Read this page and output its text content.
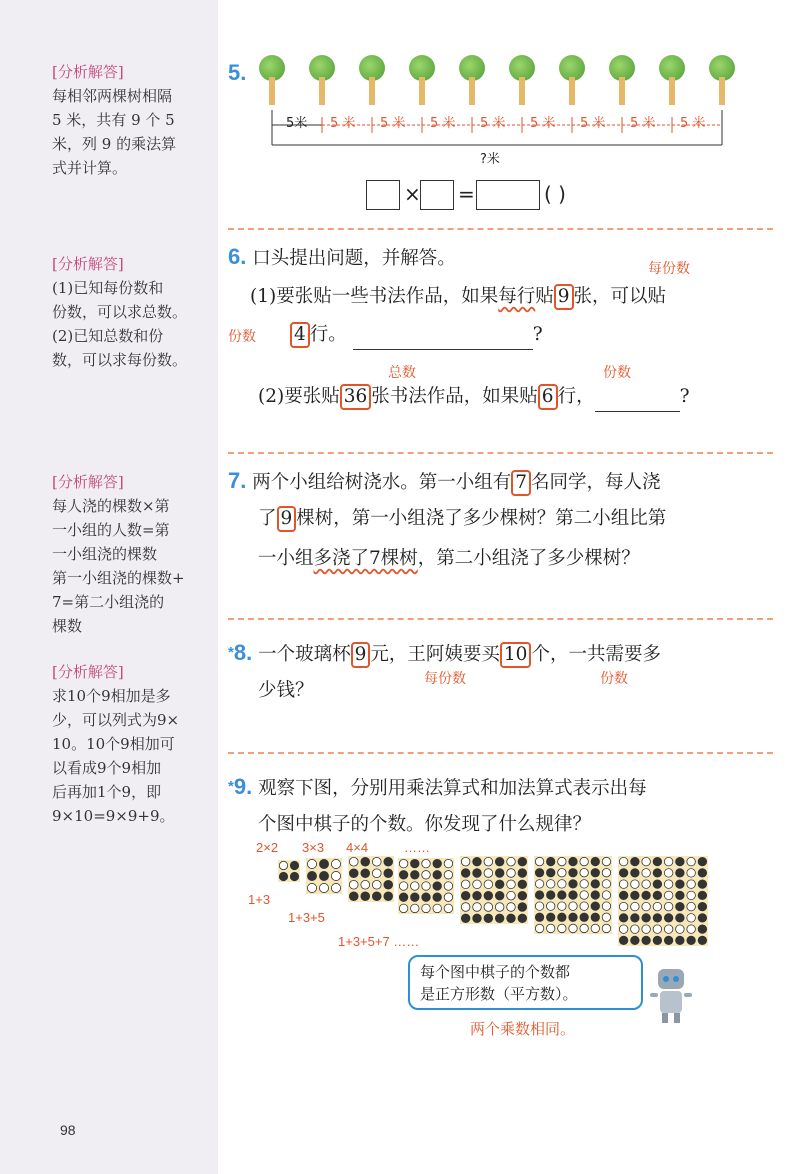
[分析解答]

每相邻两棵树相隔

5 米，共有 9 个 5

米，列 9 的乘法算

式并计算。

[分析解答]

(1)已知每份数和

份数，可以求总数。

(2)已知总数和份

数，可以求每份数。

[分析解答]

每人浇的棵数×第

一小组的人数=第

一小组浇的棵数

第一小组浇的棵数+

7=第二小组浇的

棵数

[分析解答]

求10个9相加是多

少，可以列式为9×

10。10个9相加可

以看成9个9相加

后再加1个9，即

9×10=9×9+9。

98
5.
5米 5 米 5 米 5 米 5 米 5 米 5 米 5 米 5 米
?米
× =	( )
6. 口头提出问题，并解答。	每份数
(1)要张贴一些书法作品，如果每行贴 9 张，可以贴
份数 4 行。	?
总数	份数
(2)要张贴 36 张书法作品，如果贴 6 行，	?
7. 两个小组给树浇水。第一小组有 7 名同学，每人浇
了 9 棵树，第一小组浇了多少棵树？第二小组比第
一小组多浇了7棵树，第二小组浇了多少棵树？
*8. 一个玻璃杯 9 元，王阿姨要买 10 个，一共需要多
少钱？
每份数	份数
*9. 观察下图，分别用乘法算式和加法算式表示出每
个图中棋子的个数。你发现了什么规律？
2×2 3×3 4×4	……
1+3
1+3+5
1+3+5+7 ……
每个图中棋子的个数都
是正方形数（平方数）。
两个乘数相同。
